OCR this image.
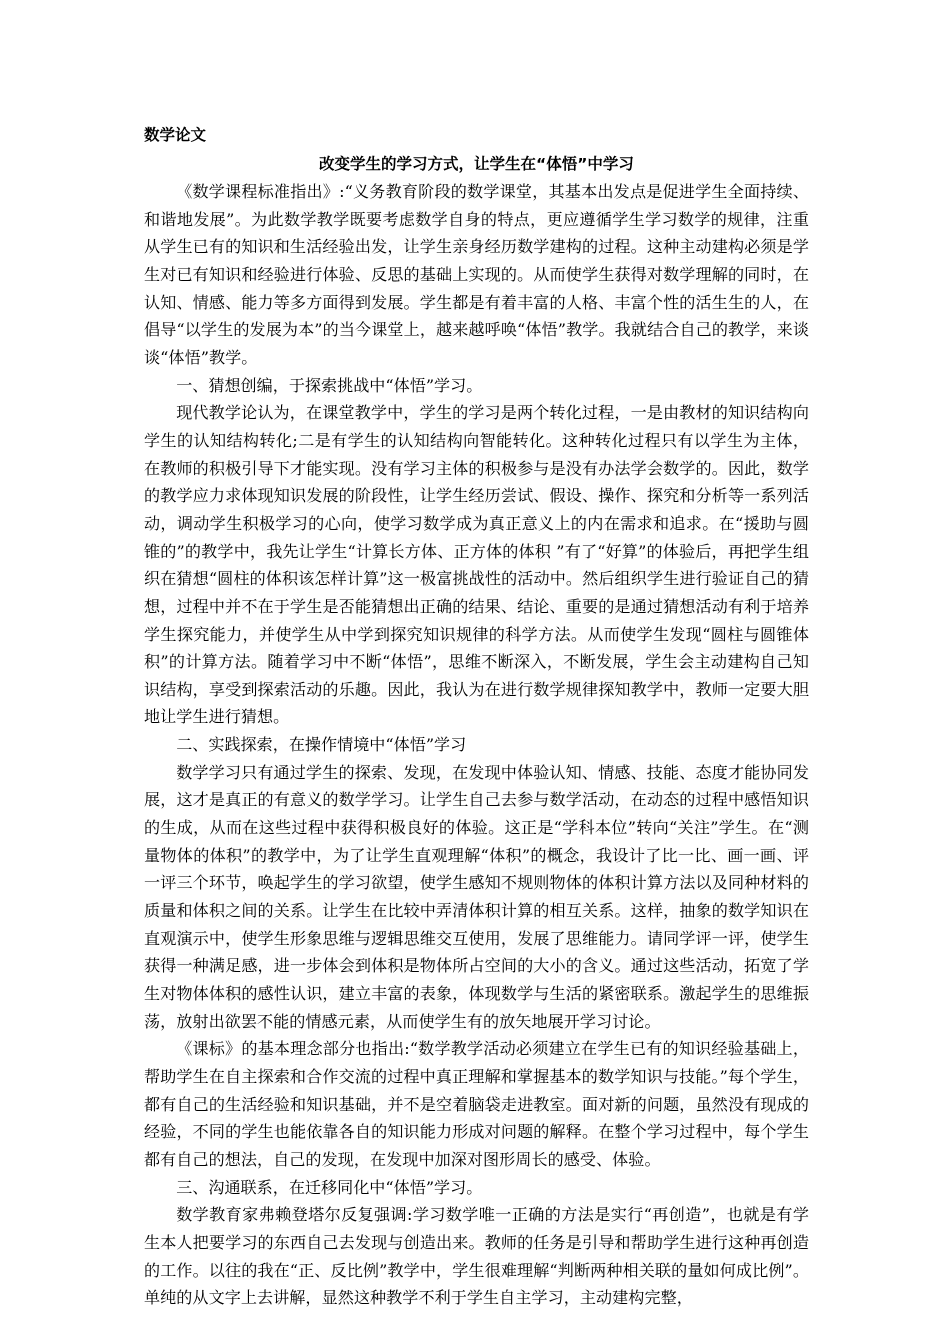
数学论文
改变学生的学习方式，让学生在“体悟”中学习

《数学课程标准指出》:“义务教育阶段的数学课堂，其基本出发点是促进学生全面持续、和谐地发展”。为此数学教学既要考虑数学自身的特点，更应遵循学生学习数学的规律，注重从学生已有的知识和生活经验出发，让学生亲身经历数学建构的过程。这种主动建构必须是学生对已有知识和经验进行体验、反思的基础上实现的。从而使学生获得对数学理解的同时，在认知、情感、能力等多方面得到发展。学生都是有着丰富的人格、丰富个性的活生生的人，在倡导“以学生的发展为本”的当今课堂上，越来越呼唤“体悟”教学。我就结合自己的教学，来谈谈“体悟”教学。

一、猜想创编，于探索挑战中“体悟”学习。

现代教学论认为，在课堂教学中，学生的学习是两个转化过程，一是由教材的知识结构向学生的认知结构转化;二是有学生的认知结构向智能转化。这种转化过程只有以学生为主体，在教师的积极引导下才能实现。没有学习主体的积极参与是没有办法学会数学的。因此，数学的教学应力求体现知识发展的阶段性，让学生经历尝试、假设、操作、探究和分析等一系列活动，调动学生积极学习的心向，使学习数学成为真正意义上的内在需求和追求。在“援助与圆锥的”的教学中，我先让学生“计算长方体、正方体的体积 ”有了“好算”的体验后，再把学生组织在猜想“圆柱的体积该怎样计算”这一极富挑战性的活动中。然后组织学生进行验证自己的猜想，过程中并不在于学生是否能猜想出正确的结果、结论、重要的是通过猜想活动有利于培养学生探究能力，并使学生从中学到探究知识规律的科学方法。从而使学生发现“圆柱与圆锥体积”的计算方法。随着学习中不断“体悟”，思维不断深入，不断发展，学生会主动建构自己知识结构，享受到探索活动的乐趣。因此，我认为在进行数学规律探知教学中，教师一定要大胆地让学生进行猜想。

二、实践探索，在操作情境中“体悟”学习

数学学习只有通过学生的探索、发现，在发现中体验认知、情感、技能、态度才能协同发展，这才是真正的有意义的数学学习。让学生自己去参与数学活动，在动态的过程中感悟知识的生成，从而在这些过程中获得积极良好的体验。这正是“学科本位”转向“关注”学生。在“测量物体的体积”的教学中，为了让学生直观理解“体积”的概念，我设计了比一比、画一画、评一评三个环节，唤起学生的学习欲望，使学生感知不规则物体的体积计算方法以及同种材料的质量和体积之间的关系。让学生在比较中弄清体积计算的相互关系。这样，抽象的数学知识在直观演示中，使学生形象思维与逻辑思维交互使用，发展了思维能力。请同学评一评，使学生获得一种满足感，进一步体会到体积是物体所占空间的大小的含义。通过这些活动，拓宽了学生对物体体积的感性认识，建立丰富的表象，体现数学与生活的紧密联系。激起学生的思维振荡，放射出欲罢不能的情感元素，从而使学生有的放矢地展开学习讨论。

《课标》的基本理念部分也指出:“数学教学活动必须建立在学生已有的知识经验基础上，帮助学生在自主探索和合作交流的过程中真正理解和掌握基本的数学知识与技能。”每个学生，都有自己的生活经验和知识基础，并不是空着脑袋走进教室。面对新的问题，虽然没有现成的经验，不同的学生也能依靠各自的知识能力形成对问题的解释。在整个学习过程中，每个学生都有自己的想法，自己的发现，在发现中加深对图形周长的感受、体验。

三、沟通联系，在迁移同化中“体悟”学习。

数学教育家弗赖登塔尔反复强调:学习数学唯一正确的方法是实行“再创造”，也就是有学生本人把要学习的东西自己去发现与创造出来。教师的任务是引导和帮助学生进行这种再创造的工作。以往的我在“正、反比例”教学中，学生很难理解“判断两种相关联的量如何成比例”。单纯的从文字上去讲解，显然这种教学不利于学生自主学习，主动建构完整，
